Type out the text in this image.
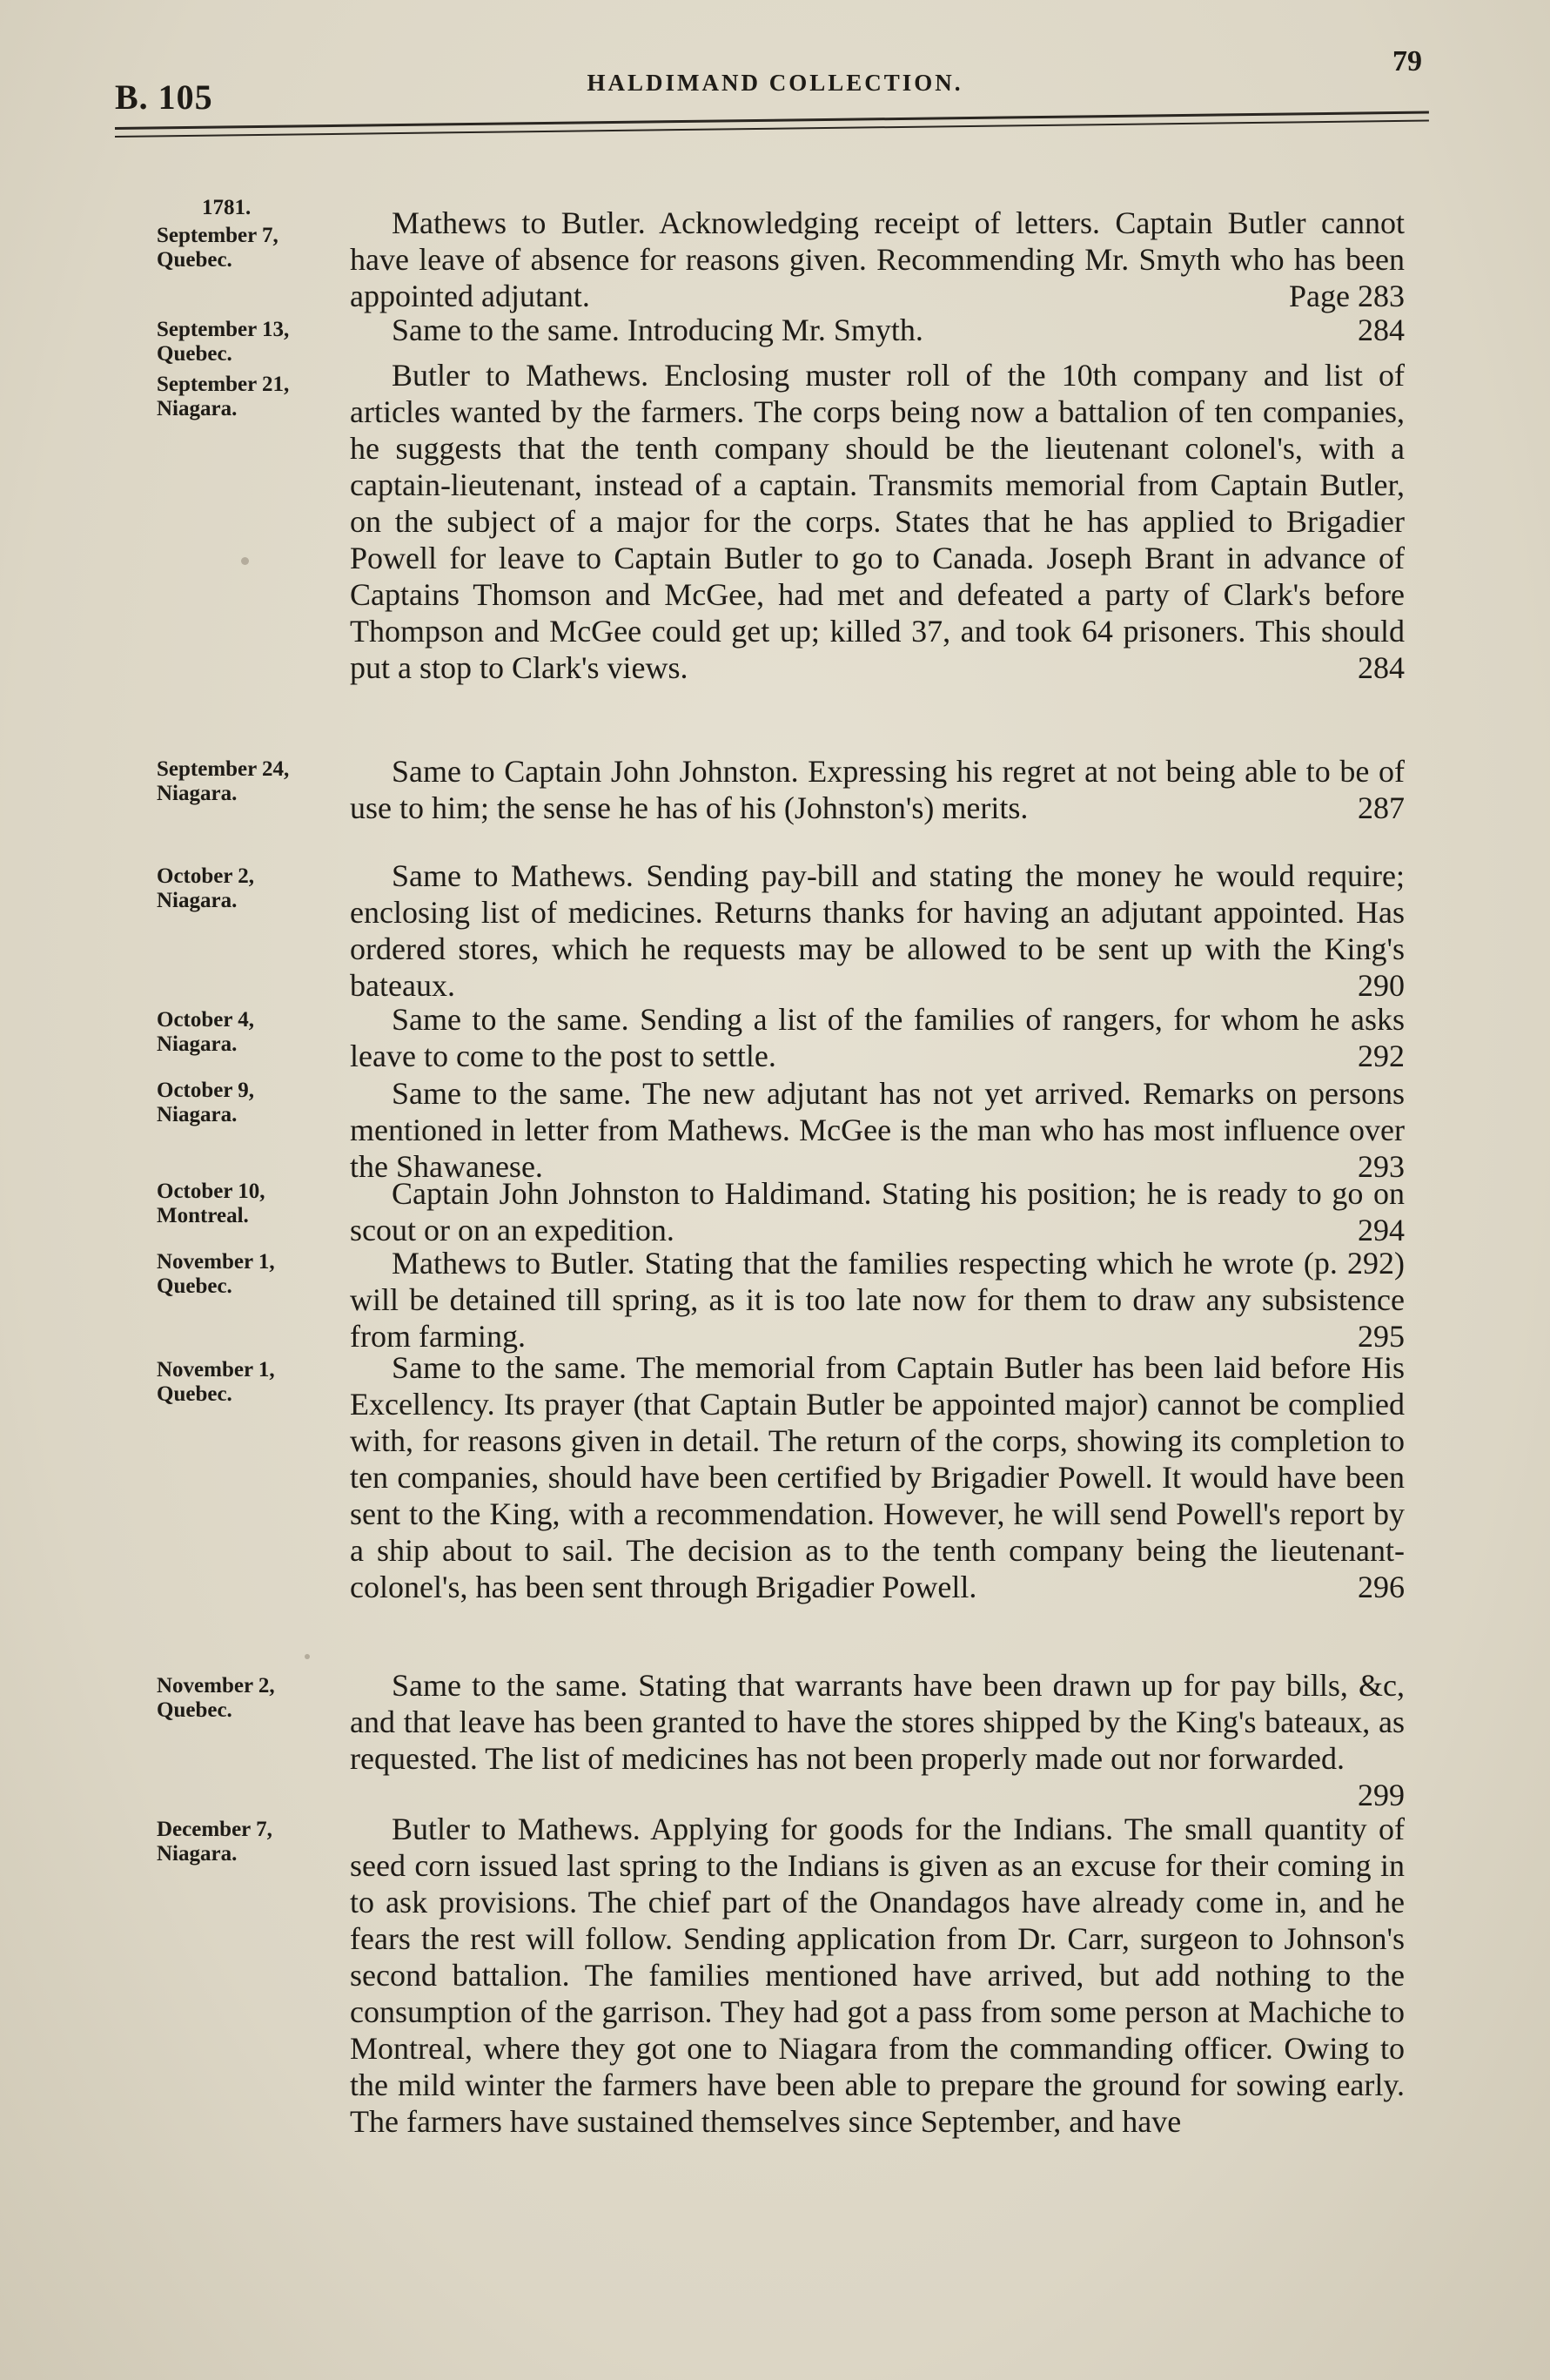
B. 105	HALDIMAND COLLECTION.
79
1781.
September 7,
Quebec.
Mathews to Butler. Acknowledging receipt of letters. Captain Butler cannot have leave of absence for reasons given. Recommending Mr. Smyth who has been appointed adjutant.	Page 283
September 13,
Quebec.
Same to the same. Introducing Mr. Smyth.	284
September 21,
Niagara.
Butler to Mathews. Enclosing muster roll of the 10th company and list of articles wanted by the farmers. The corps being now a battalion of ten companies, he suggests that the tenth company should be the lieutenant colonel's, with a captain-lieutenant, instead of a captain. Transmits memorial from Captain Butler, on the subject of a major for the corps. States that he has applied to Brigadier Powell for leave to Captain Butler to go to Canada. Joseph Brant in advance of Captains Thomson and McGee, had met and defeated a party of Clark's before Thompson and McGee could get up; killed 37, and took 64 prisoners. This should put a stop to Clark's views.	284
September 24,
Niagara.
Same to Captain John Johnston. Expressing his regret at not being able to be of use to him; the sense he has of his (Johnston's) merits.	287
October 2,
Niagara.
Same to Mathews. Sending pay-bill and stating the money he would require; enclosing list of medicines. Returns thanks for having an adjutant appointed. Has ordered stores, which he requests may be allowed to be sent up with the King's bateaux.	290
October 4,
Niagara.
Same to the same. Sending a list of the families of rangers, for whom he asks leave to come to the post to settle.	292
October 9,
Niagara.
Same to the same. The new adjutant has not yet arrived. Remarks on persons mentioned in letter from Mathews. McGee is the man who has most influence over the Shawanese.	293
October 10,
Montreal.
Captain John Johnston to Haldimand. Stating his position; he is ready to go on scout or on an expedition.	294
November 1,
Quebec.
Mathews to Butler. Stating that the families respecting which he wrote (p. 292) will be detained till spring, as it is too late now for them to draw any subsistence from farming.	295
November 1,
Quebec.
Same to the same. The memorial from Captain Butler has been laid before His Excellency. Its prayer (that Captain Butler be appointed major) cannot be complied with, for reasons given in detail. The return of the corps, showing its completion to ten companies, should have been certified by Brigadier Powell. It would have been sent to the King, with a recommendation. However, he will send Powell's report by a ship about to sail. The decision as to the tenth company being the lieutenant-colonel's, has been sent through Brigadier Powell.	296
November 2,
Quebec.
Same to the same. Stating that warrants have been drawn up for pay bills, &c, and that leave has been granted to have the stores shipped by the King's bateaux, as requested. The list of medicines has not been properly made out nor forwarded.
299
December 7,
Niagara.
Butler to Mathews. Applying for goods for the Indians. The small quantity of seed corn issued last spring to the Indians is given as an excuse for their coming in to ask provisions. The chief part of the Onandagos have already come in, and he fears the rest will follow. Sending application from Dr. Carr, surgeon to Johnson's second battalion. The families mentioned have arrived, but add nothing to the consumption of the garrison. They had got a pass from some person at Machiche to Montreal, where they got one to Niagara from the commanding officer. Owing to the mild winter the farmers have been able to prepare the ground for sowing early. The farmers have sustained themselves since September, and have
